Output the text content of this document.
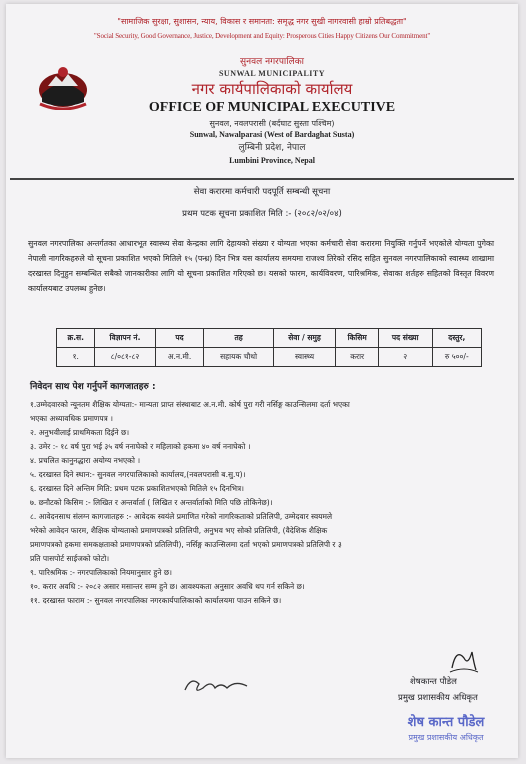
"सामाजिक सुरक्षा, सुशासन, न्याय, विकास र समानता: समृद्ध नगर सुखी नागरवासी हाम्रो प्रतिबद्धता"
"Social Security, Good Governance, Justice, Development and Equity: Prosperous Cities Happy Citizens Our Commitment"
सुनवल नगरपालिका
SUNWAL MUNICIPALITY
नगर कार्यपालिकाको कार्यालय
OFFICE OF MUNICIPAL EXECUTIVE
सुनवल, नवलपरासी (बर्दघाट सुस्ता पश्चिम)
Sunwal, Nawalparasi (West of Bardaghat Susta)
लुम्बिनी प्रदेश, नेपाल
Lumbini Province, Nepal
सेवा करारमा कर्मचारी पदपूर्ति सम्बन्धी सूचना
प्रथम पटक सूचना प्रकाशित मिति :- (२०८२/०२/०४)
सुनवल नगरपालिका अन्तर्गतका आधारभूत स्वास्थ्य सेवा केन्द्रका लागि देहायको संख्या र योग्यता भएका कर्मचारी सेवा करारमा नियुक्ति गर्नुपर्ने भएकोले योग्यता पुगेका नेपाली नागरिकहरुले यो सूचना प्रकाशित भएको मितिले १५ (पन्ध्र) दिन भित्र यस कार्यालय समयमा राजश्व तिरेको रसिद सहित सुनवल नगरपालिकाको स्वास्थ्य शाखामा दरखास्त दिनुहुन सम्बन्धित सबैको जानकारीका लागि यो सूचना प्रकाशित गरिएको छ। यसको फारम, कार्यविवरण, पारिश्रमिक, सेवाका शर्तहरु सहितको विस्तृत विवरण कार्यालयबाट उपलब्ध हुनेछ।
क्र.स.	विज्ञापन नं.	पद	तह	सेवा / समुह	किसिम	पद संख्या	दस्तुर,
१.	८/०८१-८२	अ.न.मी.	सहायक चौथो	स्वास्थ्य	करार	२	रु ५००/-
निवेदन साथ पेश गर्नुपर्ने कागजातहरु :
१.उम्मेदवारको न्यूनतम शैक्षिक योग्यता:- मान्यता प्राप्त संस्थाबाट अ.न.मी. कोर्ष पुरा गरी नर्सिङ्ग काउन्सिलमा दर्ता भएका
भएका अध्यावधिक प्रमाणपत्र ।
२. अनुभवीलाई प्राथमिकता दिईने छ।
३. उमेर :- १८ वर्ष पुरा भई ३५ वर्ष ननाघेको र महिलाको हकमा ४० वर्ष ननाघेको ।
४. प्रचलित कानुनद्धारा अयोग्य नभएको ।
५. दरखास्त दिने स्थान:- सुनवल नगरपालिकाको कार्यालय,(नवलपरासी ब.सु.प)।
६. दरखास्त दिने अन्तिम मिति: प्रथम पटक प्रकाशितभएको मितिले १५ दिनभित्र।
७. छनौटको किसिम :- लिखित र अन्तर्वार्ता ( लिखित र अन्तर्वार्ताको मिति पछि तोकिनेछ)।
८. आवेदनसाथ संलग्न कागजातहरु :- आवेदक स्वयंले प्रमाणित गरेको नागरिकताको प्रतिलिपी, उम्मेदवार स्वयमले
भरेको आवेदन फारम, शैक्षिक योग्यताको प्रमाणपत्रको प्रतिलिपी, अनुभव भए सोको प्रतिलिपी, (वैदेशिक शैक्षिक
प्रमाणपत्रको हकमा समकक्षताको प्रमाणपत्रको प्रतिलिपी), नर्सिङ्ग काउन्सिलमा दर्ता भएको प्रमाणपत्रको प्रतिलिपी र ३
प्रति पासपोर्ट साईजको फोटो।
९. पारिश्रमिक :- नगरपालिकाको नियमानुसार हुने छ।
१०. करार अवधि :- २०८२ असार मसान्तर सम्म हुने छ। आवश्यकता अनुसार अवधि थप गर्न सकिने छ।
११. दरखास्त फाराम :- सुनवल नगरपालिका नगरकार्यपालिकाको कार्यालयमा पाउन सकिने छ।
शेषकान्त पौडेल
प्रमुख प्रशासकीय अधिकृत
शेष कान्त पौडेल
प्रमुख प्रशासकीय अधिकृत
